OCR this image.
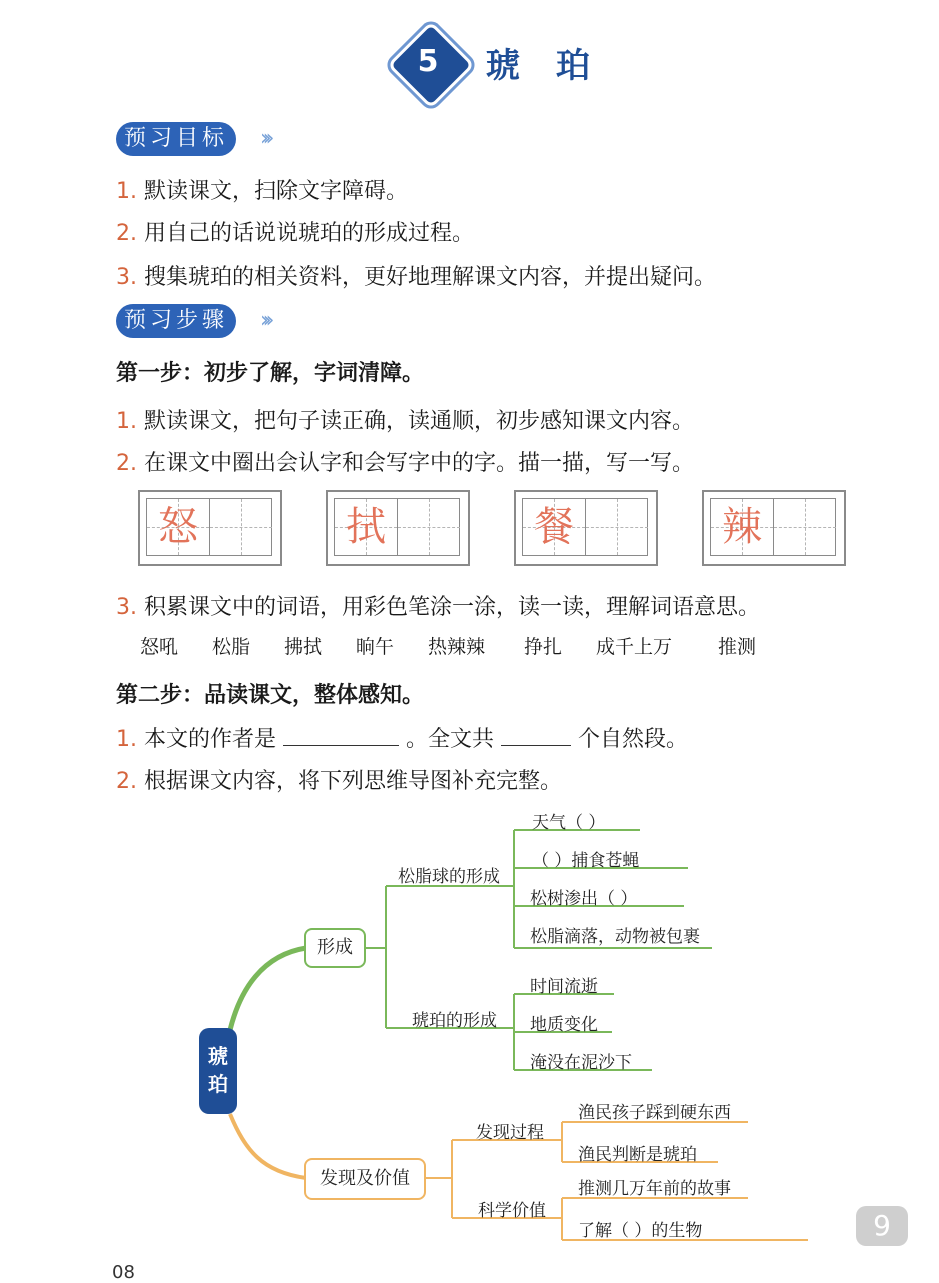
5	琥珀
预习目标 ›››
1. 默读课文，扫除文字障碍。
2. 用自己的话说说琥珀的形成过程。
3. 搜集琥珀的相关资料，更好地理解课文内容，并提出疑问。
预习步骤 ›››
第一步：初步了解，字词清障。
1. 默读课文，把句子读正确，读通顺，初步感知课文内容。
2. 在课文中圈出会认字和会写字中的字。描一描，写一写。
怒	拭	餐	辣
3. 积累课文中的词语，用彩色笔涂一涂，读一读，理解词语意思。
怒吼 松脂 拂拭 晌午 热辣辣 挣扎 成千上万 推测
第二步：品读课文，整体感知。
1. 本文的作者是	。全文共	个自然段。
2. 根据课文内容，将下列思维导图补充完整。
琥珀
形成
发现及价值
松脂球的形成
琥珀的形成
发现过程
科学价值
天气（ ）
（ ）捕食苍蝇
松树渗出（ ）
松脂滴落，动物被包裹
时间流逝
地质变化
淹没在泥沙下
渔民孩子踩到硬东西
渔民判断是琥珀
推测几万年前的故事
了解（ ）的生物	9
08
